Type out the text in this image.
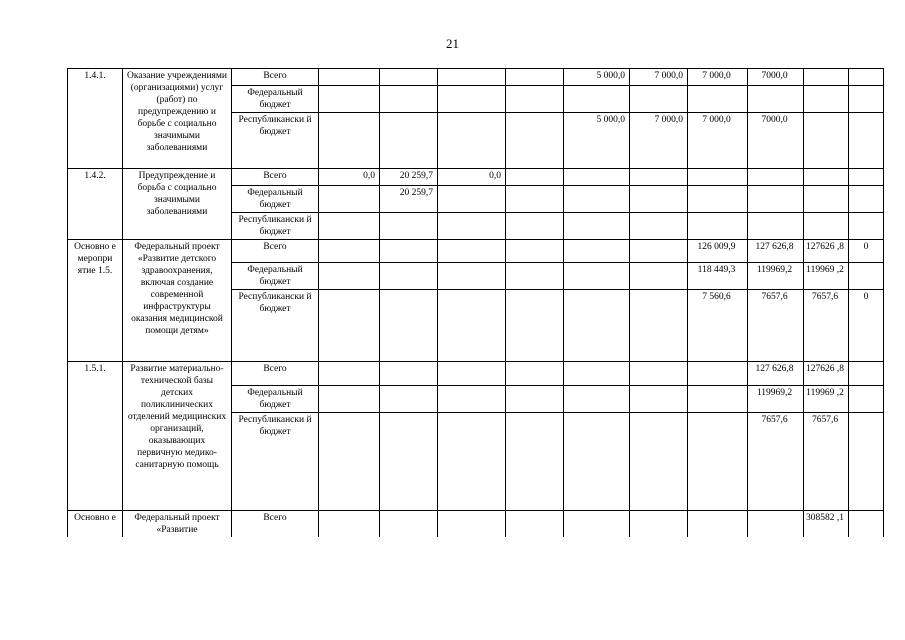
21
1.4.1.	Оказание учреждениями (организациями) услуг (работ) по предупреждению и борьбе с социально значимыми заболеваниями	Всего					5 000,0	7 000,0	7 000,0	7000,0		
		Федеральный бюджет										
		Республикански й бюджет					5 000,0	7 000,0	7 000,0	7000,0		
1.4.2.	Предупреждение и борьба с социально значимыми заболеваниями	Всего	0,0	20 259,7	0,0							
		Федеральный бюджет		20 259,7								
		Республикански й бюджет										
Основно е меропри ятие 1.5.	Федеральный проект «Развитие детского здравоохранения, включая создание современной инфраструктуры оказания медицинской помощи детям»	Всего							126 009,9	127 626,8	127626 ,8	0
		Федеральный бюджет							118 449,3	119969,2	119969 ,2	
		Республикански й бюджет							7 560,6	7657,6	7657,6	0
1.5.1.	Развитие материально-технической базы детских поликлинических отделений медицинских организаций, оказывающих первичную медико-санитарную помощь	Всего								127 626,8	127626 ,8	
		Федеральный бюджет								119969,2	119969 ,2	
		Республикански й бюджет								7657,6	7657,6	
Основно е	Федеральный проект «Развитие	Всего									308582 ,1	
